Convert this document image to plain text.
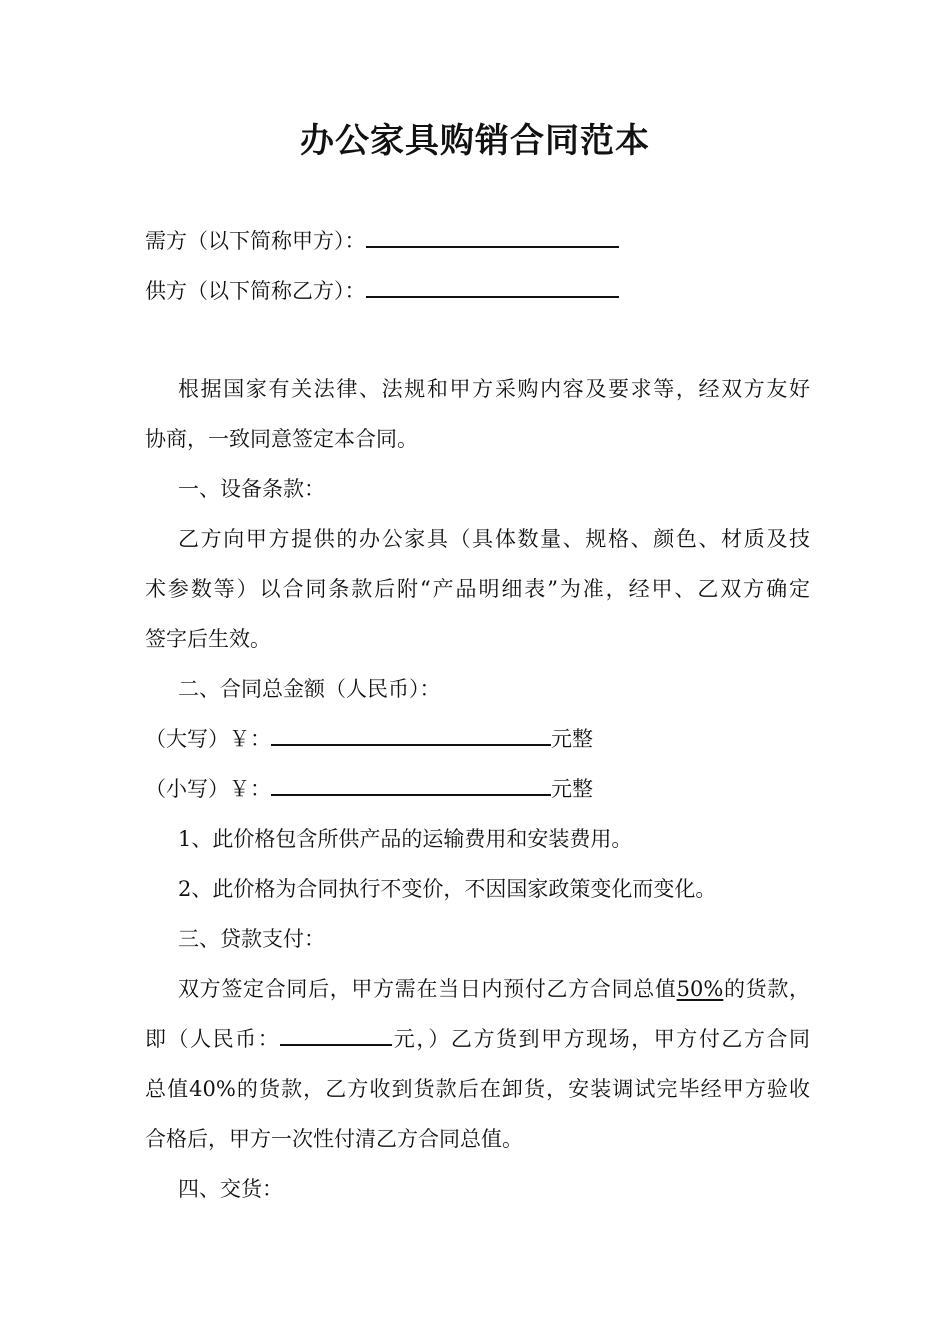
办公家具购销合同范本
需方（以下简称甲方）：
供方（以下简称乙方）：
根据国家有关法律、法规和甲方采购内容及要求等，经双方友好
协商，一致同意签定本合同。
一、设备条款：
乙方向甲方提供的办公家具（具体数量、规格、颜色、材质及技
术参数等）以合同条款后附“产品明细表”为准，经甲、乙双方确定
签字后生效。
二、合同总金额（人民币）：
（大写）￥：	元整
（小写）￥：	元整
1、此价格包含所供产品的运输费用和安装费用。
2、此价格为合同执行不变价，不因国家政策变化而变化。
三、贷款支付：
双方签定合同后，甲方需在当日内预付乙方合同总值50%的货款，
即（人民币：	元，）乙方货到甲方现场，甲方付乙方合同
总值40%的货款，乙方收到货款后在卸货，安装调试完毕经甲方验收
合格后，甲方一次性付清乙方合同总值。
四、交货：
